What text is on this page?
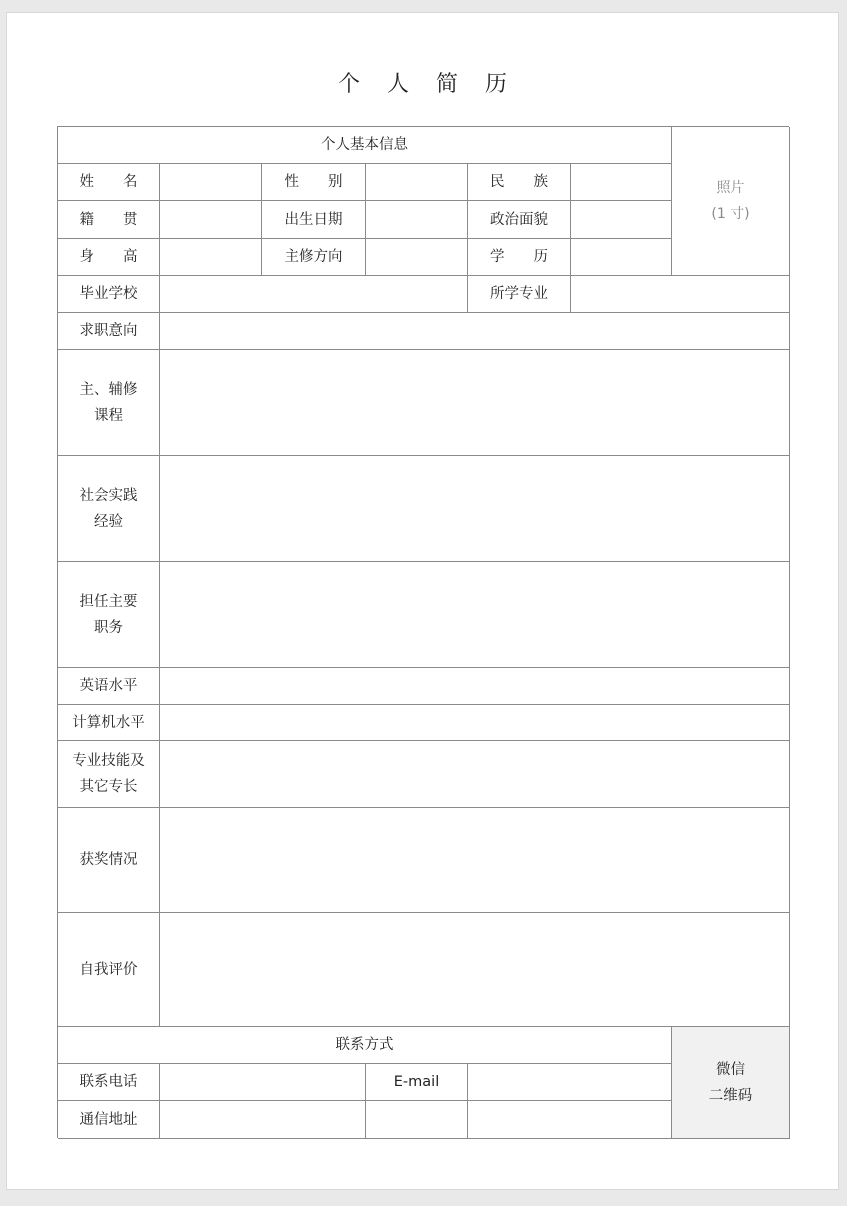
个 人 简 历
个人基本信息
照片
(1 寸)
姓　　名	性　　别	民　　族
籍　　贯	出生日期	政治面貌
身　　高	主修方向	学　　历
毕业学校	所学专业
求职意向
主、辅修
课程
社会实践
经验
担任主要
职务
英语水平
计算机水平
专业技能及
其它专长
获奖情况
自我评价
联系方式
微信
二维码
联系电话	E-mail
通信地址
